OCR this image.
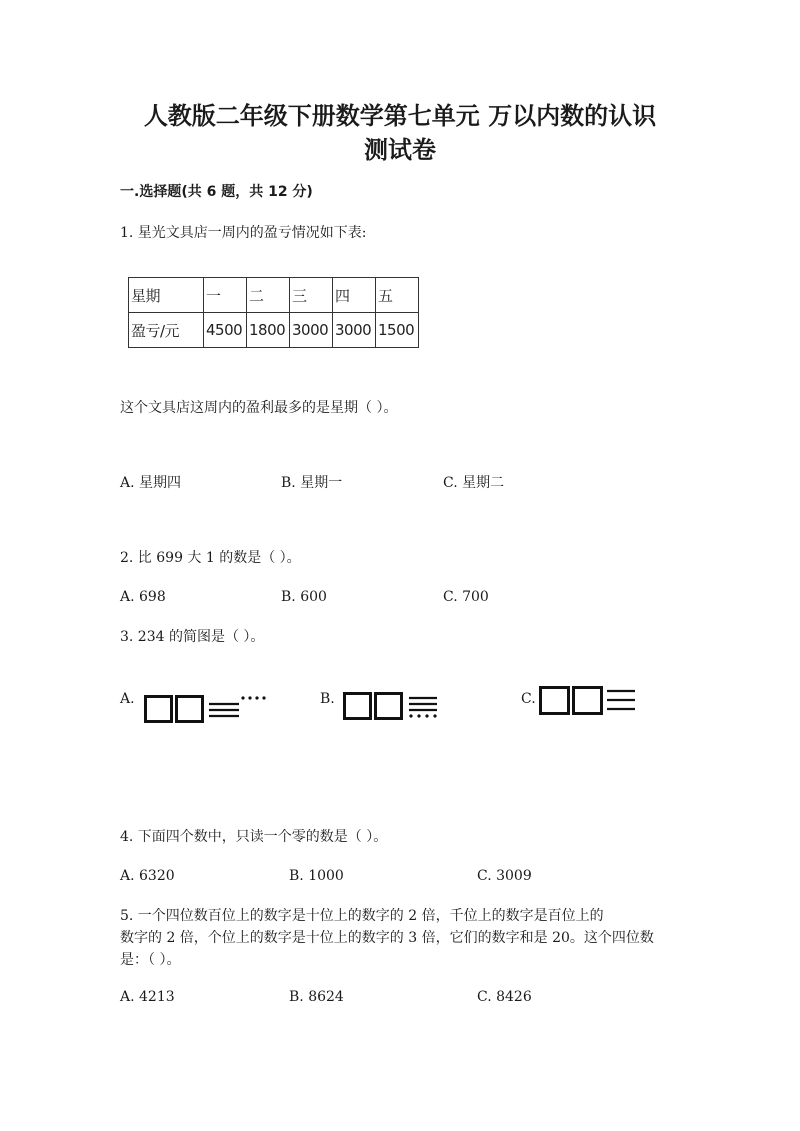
人教版二年级下册数学第七单元 万以内数的认识
测试卷
一.选择题(共 6 题，共 12 分)
1. 星光文具店一周内的盈亏情况如下表:
星期	一	二	三	四	五
盈亏/元	4500	1800	3000	3000	1500
这个文具店这周内的盈利最多的是星期（ ）。
A. 星期四	B. 星期一	C. 星期二
2. 比 699 大 1 的数是（ ）。
A. 698	B. 600	C. 700
3. 234 的简图是（ ）。
A.	B.	C.
4. 下面四个数中，只读一个零的数是（ ）。
A. 6320	B. 1000	C. 3009
5. 一个四位数百位上的数字是十位上的数字的 2 倍，千位上的数字是百位上的
数字的 2 倍，个位上的数字是十位上的数字的 3 倍，它们的数字和是 20。这个四位数
是：（ ）。
A. 4213	B. 8624	C. 8426
